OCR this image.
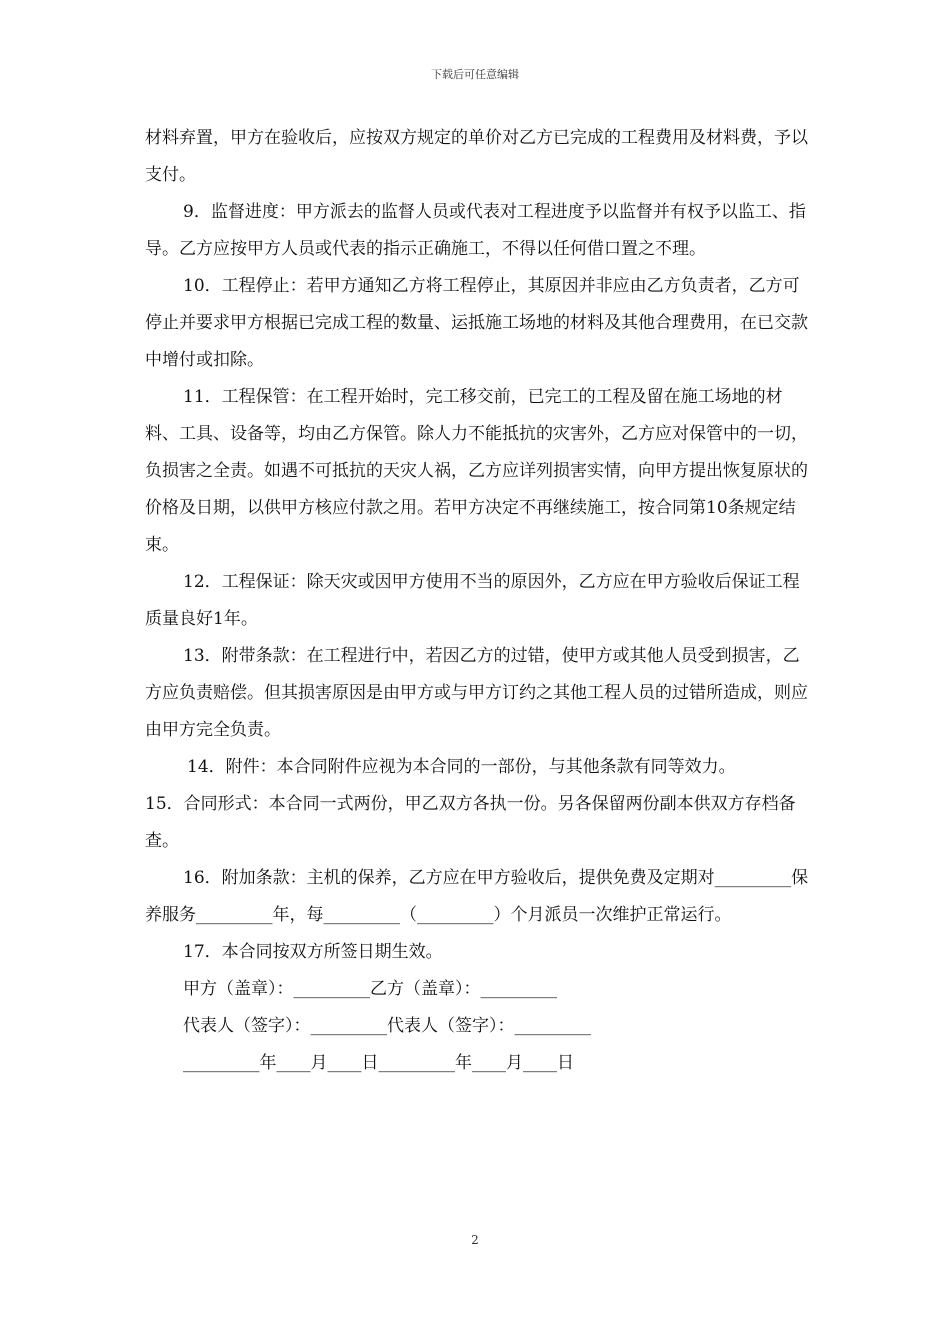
下载后可任意编辑

材料弃置，甲方在验收后，应按双方规定的单价对乙方已完成的工程费用及材料费，予以支付。

9．监督进度：甲方派去的监督人员或代表对工程进度予以监督并有权予以监工、指导。乙方应按甲方人员或代表的指示正确施工，不得以任何借口置之不理。

10．工程停止：若甲方通知乙方将工程停止，其原因并非应由乙方负责者，乙方可停止并要求甲方根据已完成工程的数量、运抵施工场地的材料及其他合理费用，在已交款中增付或扣除。

11．工程保管：在工程开始时，完工移交前，已完工的工程及留在施工场地的材料、工具、设备等，均由乙方保管。除人力不能抵抗的灾害外，乙方应对保管中的一切，负损害之全责。如遇不可抵抗的天灾人祸，乙方应详列损害实情，向甲方提出恢复原状的价格及日期，以供甲方核应付款之用。若甲方决定不再继续施工，按合同第10条规定结束。

12．工程保证：除天灾或因甲方使用不当的原因外，乙方应在甲方验收后保证工程质量良好1年。

13．附带条款：在工程进行中，若因乙方的过错，使甲方或其他人员受到损害，乙方应负责赔偿。但其损害原因是由甲方或与甲方订约之其他工程人员的过错所造成，则应由甲方完全负责。

14．附件：本合同附件应视为本合同的一部份，与其他条款有同等效力。

15．合同形式：本合同一式两份，甲乙双方各执一份。另各保留两份副本供双方存档备查。

16．附加条款：主机的保养，乙方应在甲方验收后，提供免费及定期对_________保养服务_________年，每_________（_________）个月派员一次维护正常运行。

17．本合同按双方所签日期生效。

甲方（盖章）：_________乙方（盖章）：_________

代表人（签字）：_________代表人（签字）：_________

_________年____月____日_________年____月____日

2
